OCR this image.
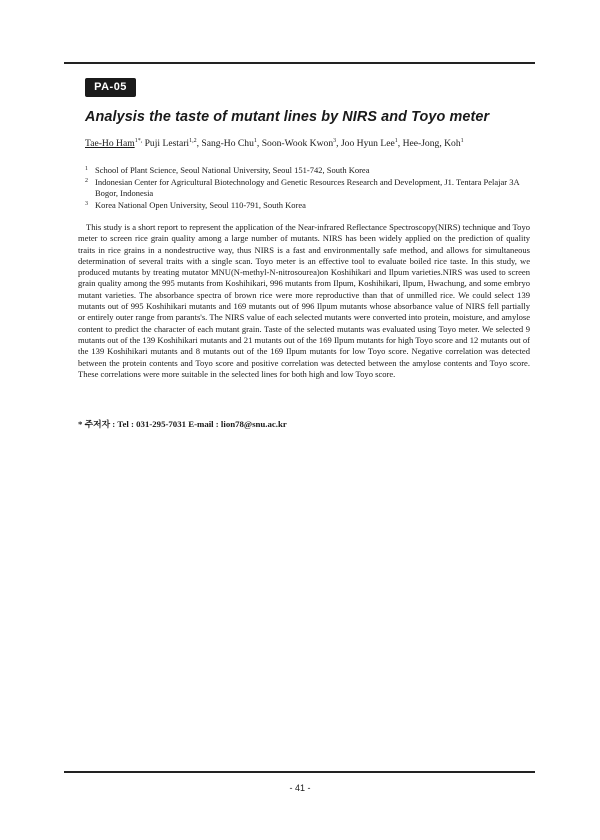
PA-05
Analysis the taste of mutant lines by NIRS and Toyo meter
Tae-Ho Ham$^{1*,}$ Puji Lestari$^{1,2}$, Sang-Ho Chu$^1$, Soon-Wook Kwon$^3$, Joo Hyun Lee$^1$, Hee-Jong, Koh$^1$
1 School of Plant Science, Seoul National University, Seoul 151-742, South Korea
2 Indonesian Center for Agricultural Biotechnology and Genetic Resources Research and Development, J1. Tentara Pelajar 3A Bogor, Indonesia
3 Korea National Open University, Seoul 110-791, South Korea
This study is a short report to represent the application of the Near-infrared Reflectance Spectroscopy(NIRS) technique and Toyo meter to screen rice grain quality among a large number of mutants. NIRS has been widely applied on the prediction of quality traits in rice grains in a nondestructive way, thus NIRS is a fast and environmentally safe method, and allows for simultaneous determination of several traits with a single scan. Toyo meter is an effective tool to evaluate boiled rice taste. In this study, we produced mutants by treating mutator MNU(N-methyl-N-nitrosourea)on Koshihikari and Ilpum varieties.NIRS was used to screen grain quality among the 995 mutants from Koshihikari, 996 mutants from Ilpum, Koshihikari, Ilpum, Hwachung, and some embryo mutant varieties. The absorbance spectra of brown rice were more reproductive than that of unmilled rice. We could select 139 mutants out of 995 Koshihikari mutants and 169 mutants out of 996 Ilpum mutants whose absorbance value of NIRS fell partially or entirely outer range from parants's. The NIRS value of each selected mutants were converted into protein, moisture, and amylose content to predict the character of each mutant grain. Taste of the selected mutants was evaluated using Toyo meter. We selected 9 mutants out of the 139 Koshihikari mutants and 21 mutants out of the 169 Ilpum mutants for high Toyo score and 12 mutants out of the 139 Koshihikari mutants and 8 mutants out of the 169 Ilpum mutants for low Toyo score. Negative correlation was detected between the protein contents and Toyo score and positive correlation was detected between the amylose contents and Toyo score. These correlations were more suitable in the selected lines for both high and low Toyo score.
* 주저자 : Tel : 031-295-7031 E-mail : lion78@snu.ac.kr
- 41 -
